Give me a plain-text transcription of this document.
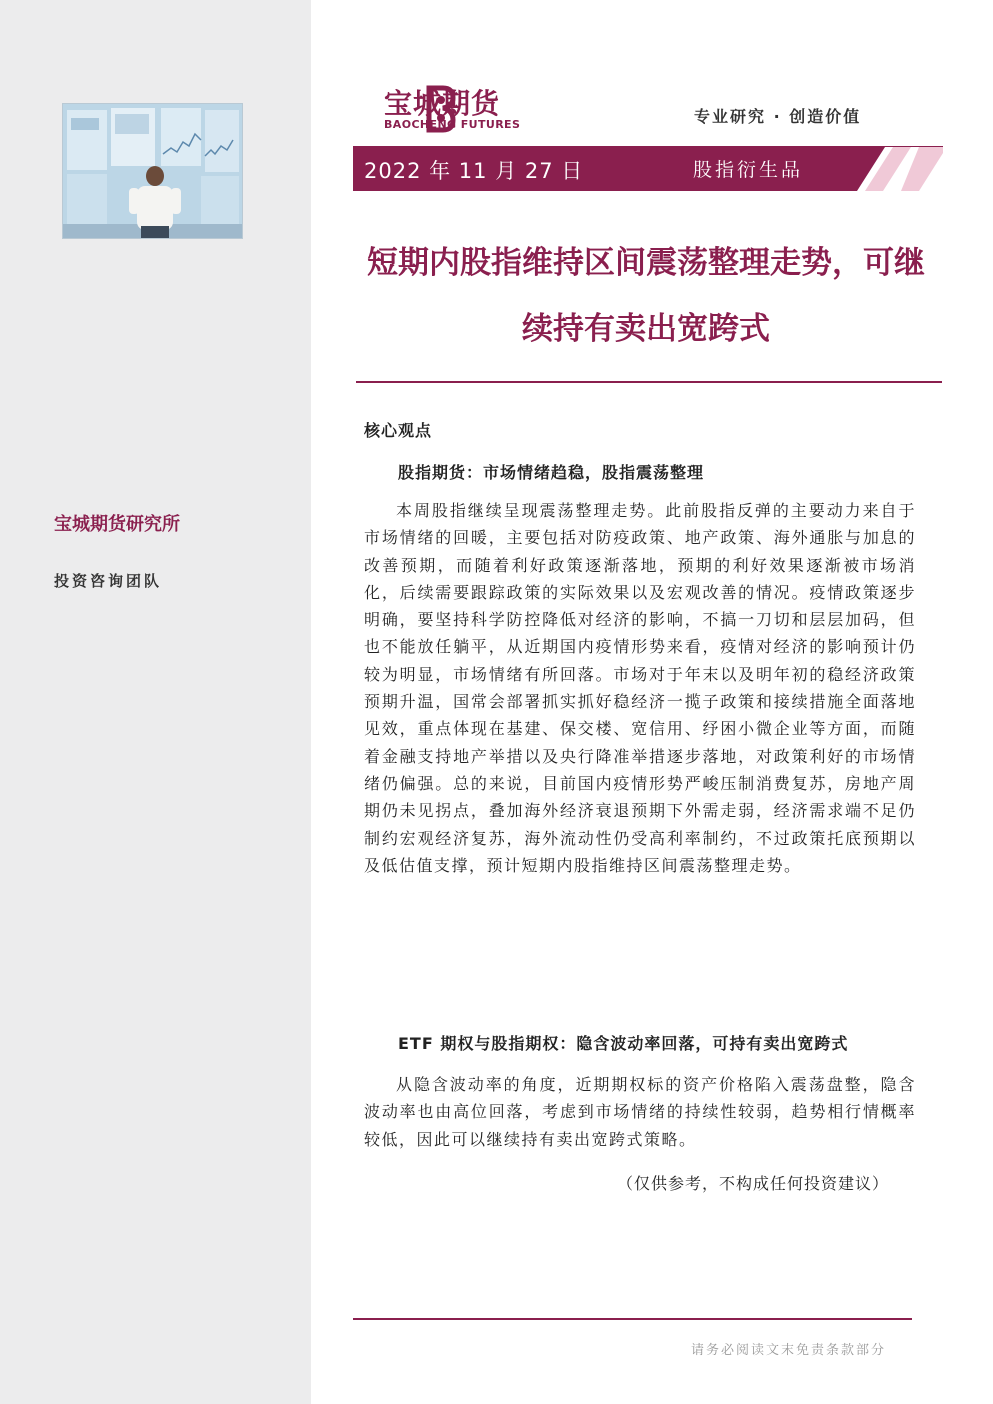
宝城期货
BAOCHENG FUTURES	专业研究 · 创造价值
2022 年 11 月 27 日	股指衍生品
短期内股指维持区间震荡整理走势，可继续持有卖出宽跨式
核心观点
股指期货：市场情绪趋稳，股指震荡整理
本周股指继续呈现震荡整理走势。此前股指反弹的主要动力来自于市场情绪的回暖，主要包括对防疫政策、地产政策、海外通胀与加息的改善预期，而随着利好政策逐渐落地，预期的利好效果逐渐被市场消化，后续需要跟踪政策的实际效果以及宏观改善的情况。疫情政策逐步明确，要坚持科学防控降低对经济的影响，不搞一刀切和层层加码，但也不能放任躺平，从近期国内疫情形势来看，疫情对经济的影响预计仍较为明显，市场情绪有所回落。市场对于年末以及明年初的稳经济政策预期升温，国常会部署抓实抓好稳经济一揽子政策和接续措施全面落地见效，重点体现在基建、保交楼、宽信用、纾困小微企业等方面，而随着金融支持地产举措以及央行降准举措逐步落地，对政策利好的市场情绪仍偏强。总的来说，目前国内疫情形势严峻压制消费复苏，房地产周期仍未见拐点，叠加海外经济衰退预期下外需走弱，经济需求端不足仍制约宏观经济复苏，海外流动性仍受高利率制约，不过政策托底预期以及低估值支撑，预计短期内股指维持区间震荡整理走势。
ETF 期权与股指期权：隐含波动率回落，可持有卖出宽跨式
从隐含波动率的角度，近期期权标的资产价格陷入震荡盘整，隐含波动率也由高位回落，考虑到市场情绪的持续性较弱，趋势相行情概率较低，因此可以继续持有卖出宽跨式策略。
（仅供参考，不构成任何投资建议）
宝城期货研究所
投资咨询团队
请务必阅读文末免责条款部分
